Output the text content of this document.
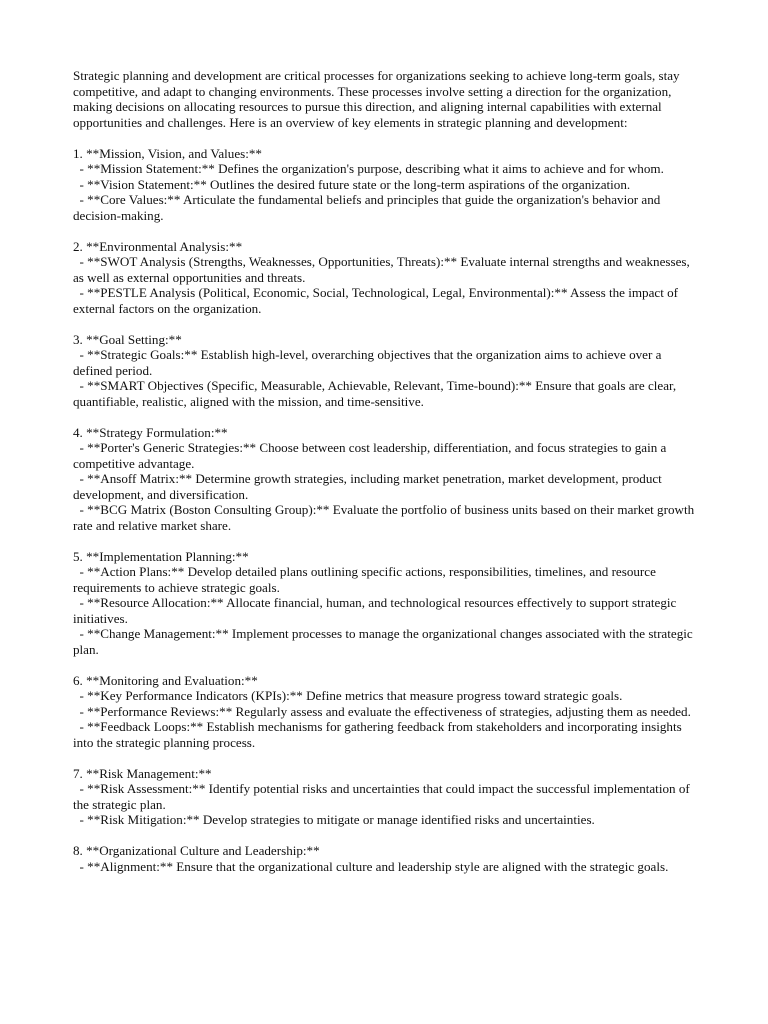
Strategic planning and development are critical processes for organizations seeking to achieve long-term goals, stay competitive, and adapt to changing environments. These processes involve setting a direction for the organization, making decisions on allocating resources to pursue this direction, and aligning internal capabilities with external opportunities and challenges. Here is an overview of key elements in strategic planning and development:

1. **Mission, Vision, and Values:**
- **Mission Statement:** Defines the organization's purpose, describing what it aims to achieve and for whom.
- **Vision Statement:** Outlines the desired future state or the long-term aspirations of the organization.
- **Core Values:** Articulate the fundamental beliefs and principles that guide the organization's behavior and decision-making.
2. **Environmental Analysis:**
- **SWOT Analysis (Strengths, Weaknesses, Opportunities, Threats):** Evaluate internal strengths and weaknesses, as well as external opportunities and threats.
- **PESTLE Analysis (Political, Economic, Social, Technological, Legal, Environmental):** Assess the impact of external factors on the organization.
3. **Goal Setting:**
- **Strategic Goals:** Establish high-level, overarching objectives that the organization aims to achieve over a defined period.
- **SMART Objectives (Specific, Measurable, Achievable, Relevant, Time-bound):** Ensure that goals are clear, quantifiable, realistic, aligned with the mission, and time-sensitive.
4. **Strategy Formulation:**
- **Porter's Generic Strategies:** Choose between cost leadership, differentiation, and focus strategies to gain a competitive advantage.
- **Ansoff Matrix:** Determine growth strategies, including market penetration, market development, product development, and diversification.
- **BCG Matrix (Boston Consulting Group):** Evaluate the portfolio of business units based on their market growth rate and relative market share.
5. **Implementation Planning:**
- **Action Plans:** Develop detailed plans outlining specific actions, responsibilities, timelines, and resource requirements to achieve strategic goals.
- **Resource Allocation:** Allocate financial, human, and technological resources effectively to support strategic initiatives.
- **Change Management:** Implement processes to manage the organizational changes associated with the strategic plan.
6. **Monitoring and Evaluation:**
- **Key Performance Indicators (KPIs):** Define metrics that measure progress toward strategic goals.
- **Performance Reviews:** Regularly assess and evaluate the effectiveness of strategies, adjusting them as needed.
- **Feedback Loops:** Establish mechanisms for gathering feedback from stakeholders and incorporating insights into the strategic planning process.
7. **Risk Management:**
- **Risk Assessment:** Identify potential risks and uncertainties that could impact the successful implementation of the strategic plan.
- **Risk Mitigation:** Develop strategies to mitigate or manage identified risks and uncertainties.
8. **Organizational Culture and Leadership:**
- **Alignment:** Ensure that the organizational culture and leadership style are aligned with the strategic goals.
